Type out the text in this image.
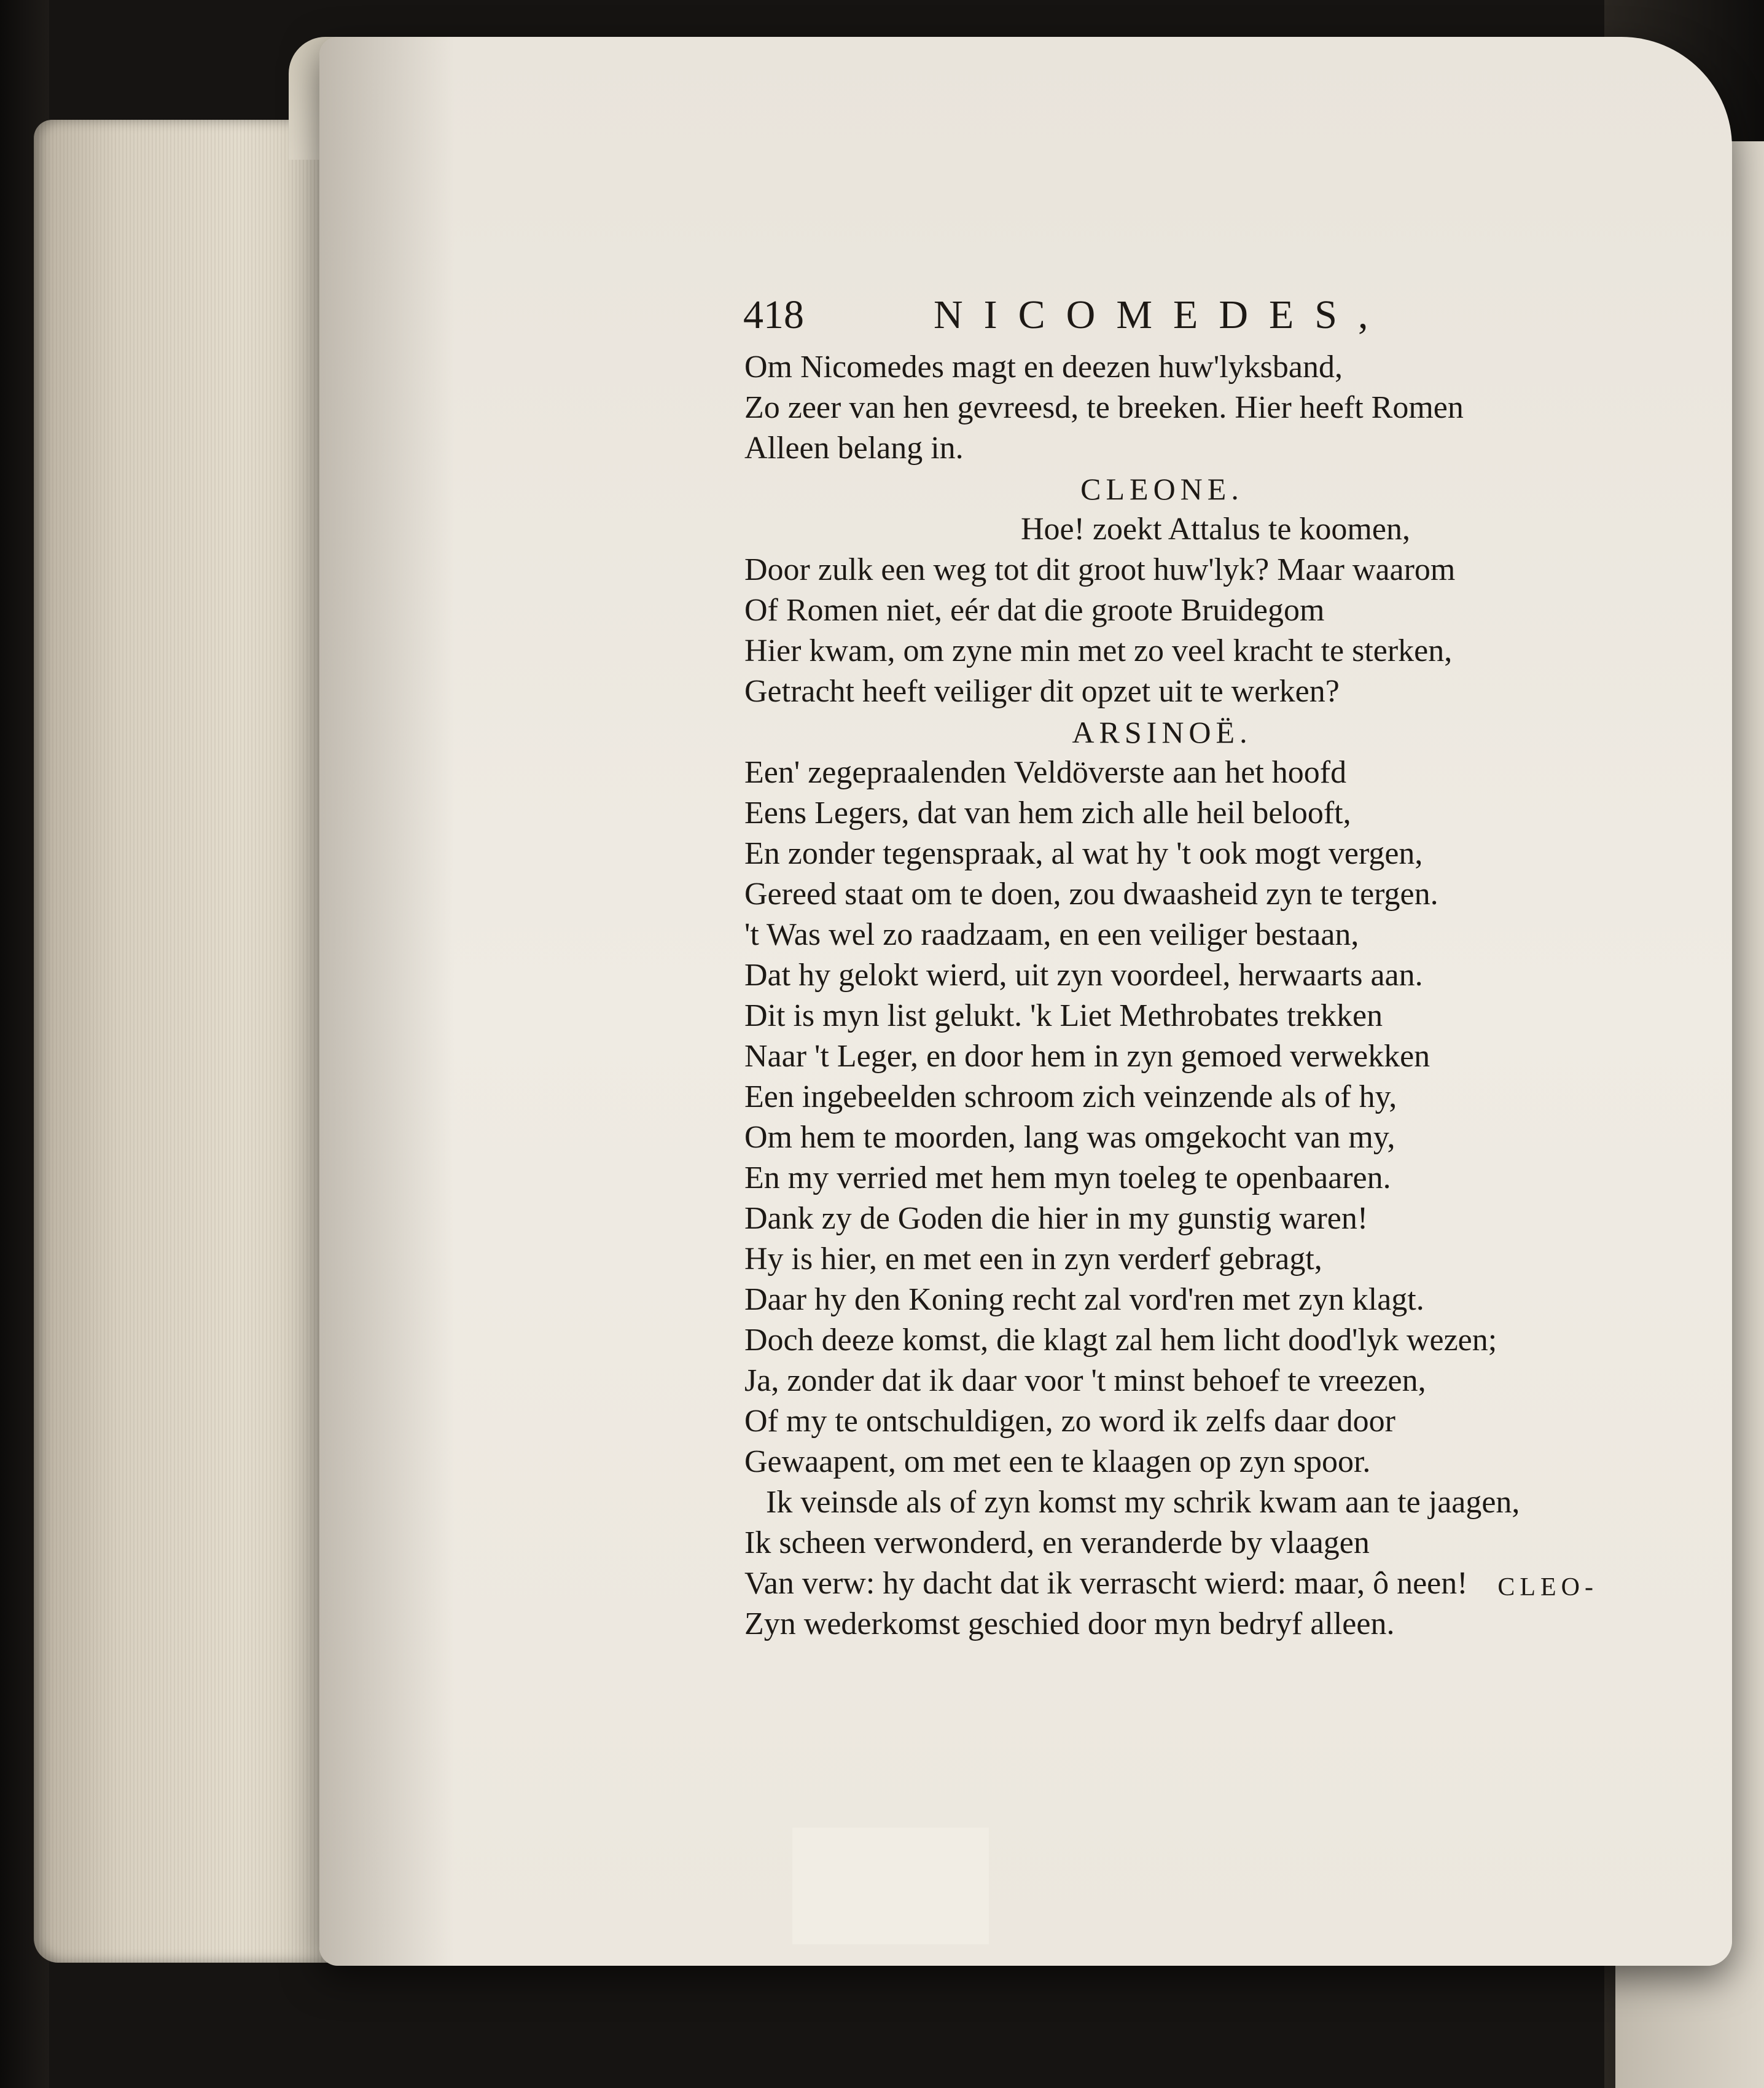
418	NICOMEDES,
Om Nicomedes magt en deezen huw'lyksband,
Zo zeer van hen gevreesd, te breeken. Hier heeft Romen
Alleen belang in.
CLEONE.
Hoe! zoekt Attalus te koomen,
Door zulk een weg tot dit groot huw'lyk? Maar waarom
Of Romen niet, eér dat die groote Bruidegom
Hier kwam, om zyne min met zo veel kracht te sterken,
Getracht heeft veiliger dit opzet uit te werken?
ARSINOË.
Een' zegepraalenden Veldöverste aan het hoofd
Eens Legers, dat van hem zich alle heil belooft,
En zonder tegenspraak, al wat hy 't ook mogt vergen,
Gereed staat om te doen, zou dwaasheid zyn te tergen.
't Was wel zo raadzaam, en een veiliger bestaan,
Dat hy gelokt wierd, uit zyn voordeel, herwaarts aan.
Dit is myn list gelukt. 'k Liet Methrobates trekken
Naar 't Leger, en door hem in zyn gemoed verwekken
Een ingebeelden schroom zich veinzende als of hy,
Om hem te moorden, lang was omgekocht van my,
En my verried met hem myn toeleg te openbaaren.
Dank zy de Goden die hier in my gunstig waren!
Hy is hier, en met een in zyn verderf gebragt,
Daar hy den Koning recht zal vord'ren met zyn klagt.
Doch deeze komst, die klagt zal hem licht dood'lyk wezen;
Ja, zonder dat ik daar voor 't minst behoef te vreezen,
Of my te ontschuldigen, zo word ik zelfs daar door
Gewaapent, om met een te klaagen op zyn spoor.
Ik veinsde als of zyn komst my schrik kwam aan te jaagen,
Ik scheen verwonderd, en veranderde by vlaagen
Van verw: hy dacht dat ik verrascht wierd: maar, ô neen!
Zyn wederkomst geschied door myn bedryf alleen.
CLEO-
